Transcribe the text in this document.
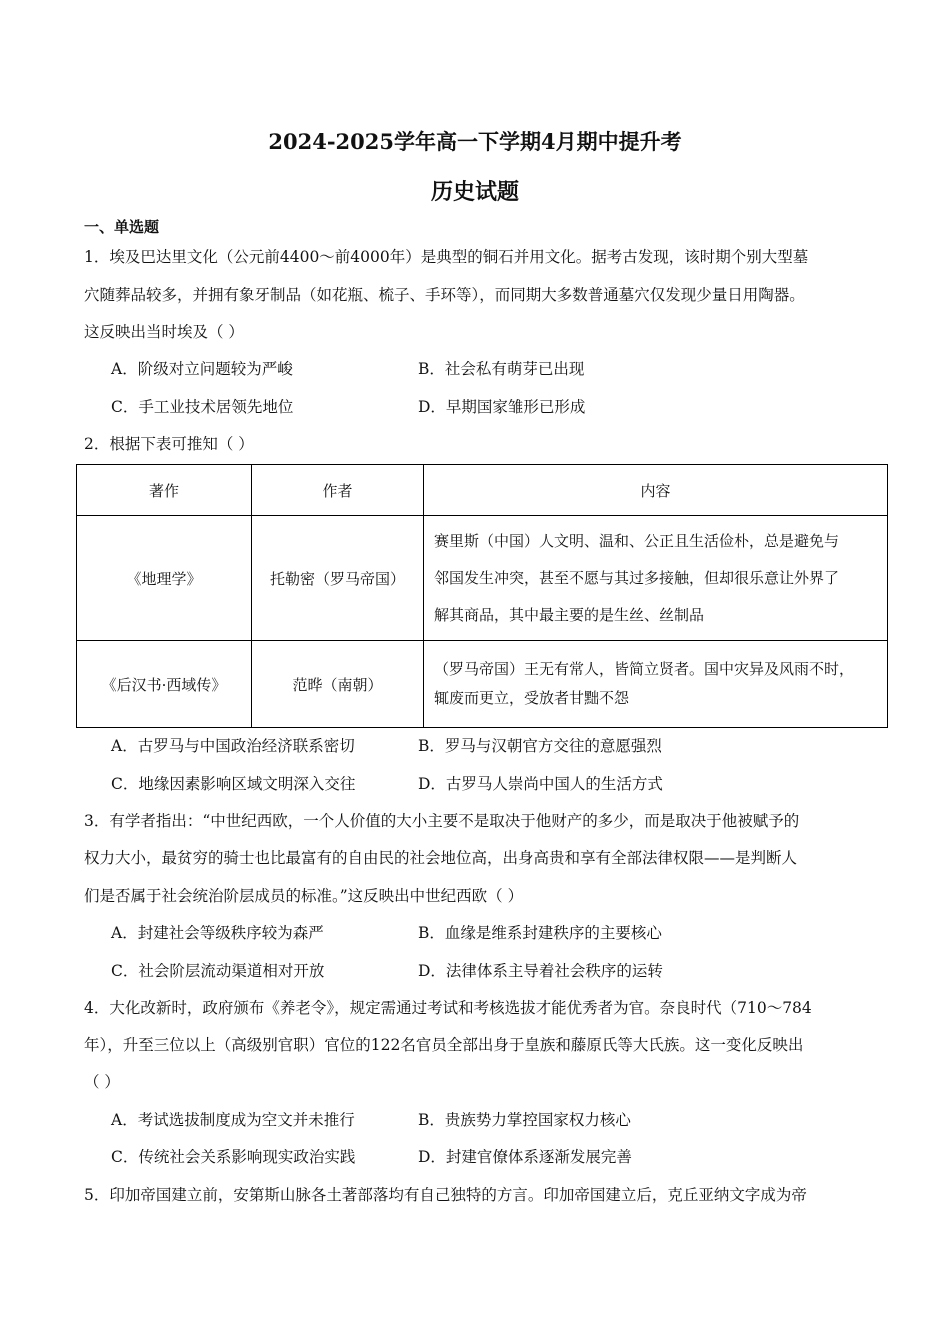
2024-2025学年高一下学期4月期中提升考
历史试题
一、单选题
1．埃及巴达里文化（公元前4400～前4000年）是典型的铜石并用文化。据考古发现，该时期个别大型墓
穴随葬品较多，并拥有象牙制品（如花瓶、梳子、手环等），而同期大多数普通墓穴仅发现少量日用陶器。
这反映出当时埃及（ ）
A．阶级对立问题较为严峻	B．社会私有萌芽已出现
C．手工业技术居领先地位	D．早期国家雏形已形成
2．根据下表可推知（ ）
著作	作者	内容
《地理学》	托勒密（罗马帝国）	赛里斯（中国）人文明、温和、公正且生活俭朴，总是避免与
邻国发生冲突，甚至不愿与其过多接触，但却很乐意让外界了
解其商品，其中最主要的是生丝、丝制品

《后汉书·西域传》	范晔（南朝）	（罗马帝国）王无有常人，皆简立贤者。国中灾异及风雨不时，
辄废而更立，受放者甘黜不怨
A．古罗马与中国政治经济联系密切	B．罗马与汉朝官方交往的意愿强烈
C．地缘因素影响区域文明深入交往	D．古罗马人崇尚中国人的生活方式
3．有学者指出：“中世纪西欧，一个人价值的大小主要不是取决于他财产的多少，而是取决于他被赋予的
权力大小，最贫穷的骑士也比最富有的自由民的社会地位高，出身高贵和享有全部法律权限——是判断人
们是否属于社会统治阶层成员的标准。”这反映出中世纪西欧（ ）
A．封建社会等级秩序较为森严	B．血缘是维系封建秩序的主要核心
C．社会阶层流动渠道相对开放	D．法律体系主导着社会秩序的运转
4．大化改新时，政府颁布《养老令》，规定需通过考试和考核选拔才能优秀者为官。奈良时代（710～784
年），升至三位以上（高级别官职）官位的122名官员全部出身于皇族和藤原氏等大氏族。这一变化反映出
（ ）
A．考试选拔制度成为空文并未推行	B．贵族势力掌控国家权力核心
C．传统社会关系影响现实政治实践	D．封建官僚体系逐渐发展完善
5．印加帝国建立前，安第斯山脉各土著部落均有自己独特的方言。印加帝国建立后，克丘亚纳文字成为帝
